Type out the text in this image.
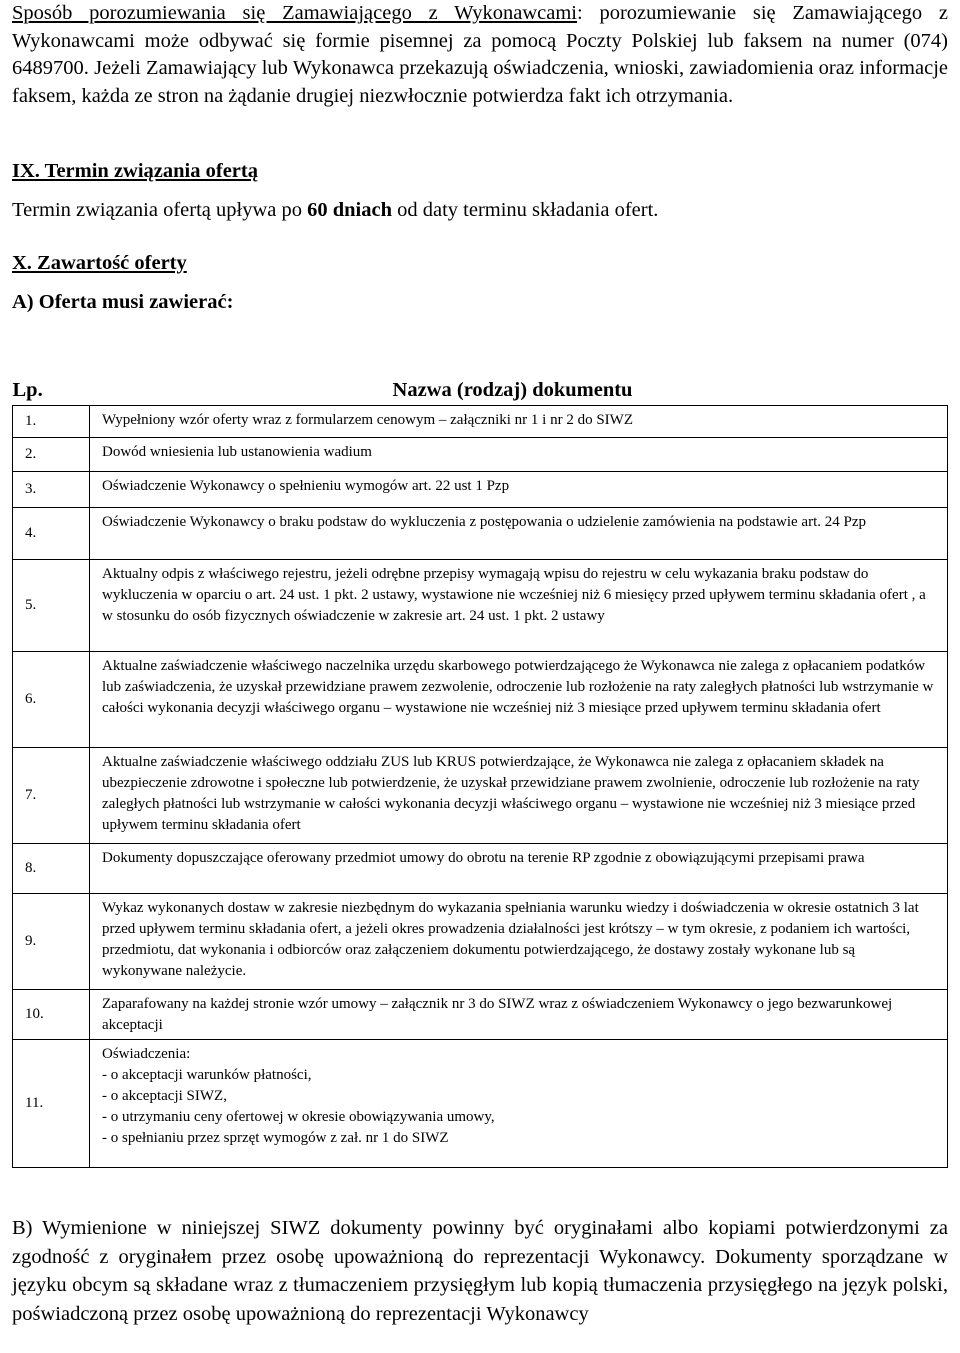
Sposób porozumiewania się Zamawiającego z Wykonawcami: porozumiewanie się Zamawiającego z Wykonawcami może odbywać się formie pisemnej za pomocą Poczty Polskiej lub faksem na numer (074) 6489700. Jeżeli Zamawiający lub Wykonawca przekazują oświadczenia, wnioski, zawiadomienia oraz informacje faksem, każda ze stron na żądanie drugiej niezwłocznie potwierdza fakt ich otrzymania.

IX. Termin związania ofertą

Termin związania ofertą upływa po 60 dniach od daty terminu składania ofert.

X. Zawartość oferty

A) Oferta musi zawierać:

Lp.	Nazwa (rodzaj) dokumentu
1.	Wypełniony wzór oferty wraz z formularzem cenowym – załączniki nr 1 i nr 2 do SIWZ

2.	Dowód wniesienia lub ustanowienia wadium

3.	Oświadczenie Wykonawcy o spełnieniu wymogów art. 22 ust 1 Pzp

4.	Oświadczenie Wykonawcy o braku podstaw do wykluczenia z postępowania o udzielenie zamówienia na podstawie art. 24 Pzp

5.	Aktualny odpis z właściwego rejestru, jeżeli odrębne przepisy wymagają wpisu do rejestru w celu wykazania braku podstaw do wykluczenia w oparciu o art. 24 ust. 1 pkt. 2 ustawy, wystawione nie wcześniej niż 6 miesięcy przed upływem terminu składania ofert , a w stosunku do osób fizycznych oświadczenie w zakresie art. 24 ust. 1 pkt. 2 ustawy

6.	Aktualne zaświadczenie właściwego naczelnika urzędu skarbowego potwierdzającego że Wykonawca nie zalega z opłacaniem podatków lub zaświadczenia, że uzyskał przewidziane prawem zezwolenie, odroczenie lub rozłożenie na raty zaległych płatności lub wstrzymanie w całości wykonania decyzji właściwego organu – wystawione nie wcześniej niż 3 miesiące przed upływem terminu składania ofert

7.	Aktualne zaświadczenie właściwego oddziału ZUS lub KRUS potwierdzające, że Wykonawca nie zalega z opłacaniem składek na ubezpieczenie zdrowotne i społeczne lub potwierdzenie, że uzyskał przewidziane prawem zwolnienie, odroczenie lub rozłożenie na raty zaległych płatności lub wstrzymanie w całości wykonania decyzji właściwego organu – wystawione nie wcześniej niż 3 miesiące przed upływem terminu składania ofert

8.	Dokumenty dopuszczające oferowany przedmiot umowy do obrotu na terenie RP zgodnie z obowiązującymi przepisami prawa

9.	Wykaz wykonanych dostaw w zakresie niezbędnym do wykazania spełniania warunku wiedzy i doświadczenia w okresie ostatnich 3 lat przed upływem terminu składania ofert, a jeżeli okres prowadzenia działalności jest krótszy – w tym okresie, z podaniem ich wartości, przedmiotu, dat wykonania i odbiorców oraz załączeniem dokumentu potwierdzającego, że dostawy zostały wykonane lub są wykonywane należycie.

10.	Zaparafowany na każdej stronie wzór umowy – załącznik nr 3 do SIWZ wraz z oświadczeniem Wykonawcy o jego bezwarunkowej akceptacji

11.	Oświadczenia:
- o akceptacji warunków płatności,
- o akceptacji SIWZ,
- o utrzymaniu ceny ofertowej w okresie obowiązywania umowy,
- o spełnianiu przez sprzęt wymogów z zał. nr 1 do SIWZ

B) Wymienione w niniejszej SIWZ dokumenty powinny być oryginałami albo kopiami potwierdzonymi za zgodność z oryginałem przez osobę upoważnioną do reprezentacji Wykonawcy. Dokumenty sporządzane w języku obcym są składane wraz z tłumaczeniem przysięgłym lub kopią tłumaczenia przysięgłego na język polski, poświadczoną przez osobę upoważnioną do reprezentacji Wykonawcy
